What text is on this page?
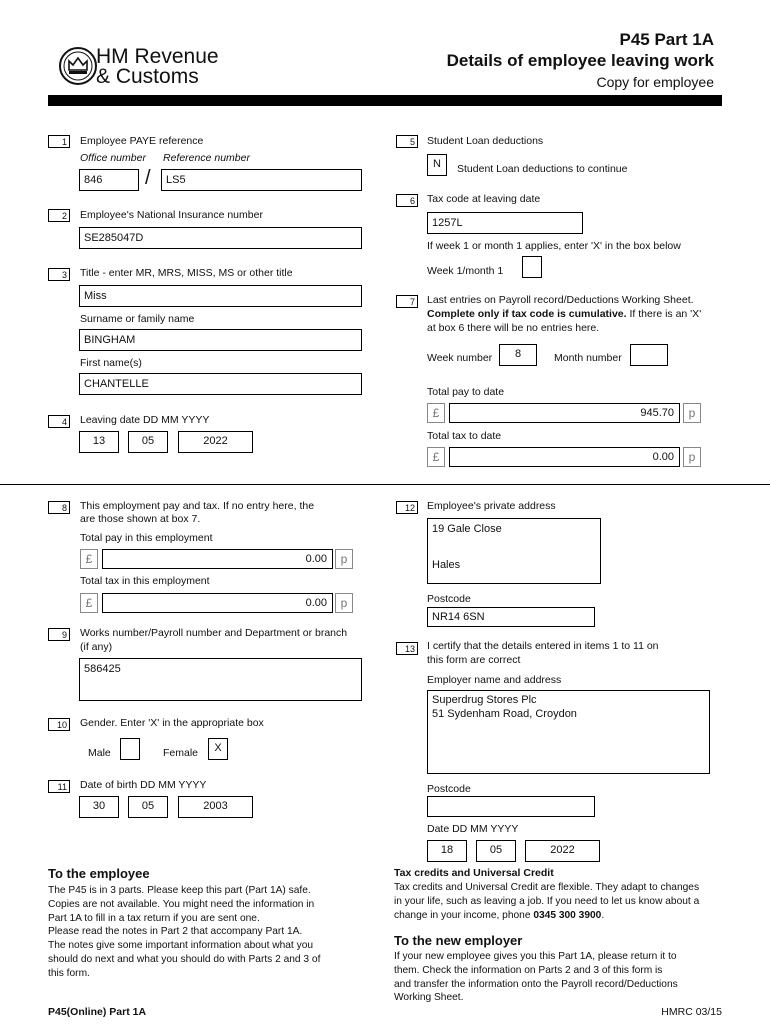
HM Revenue
& Customs
P45 Part 1A
Details of employee leaving work
Copy for employee
1 Employee PAYE reference
Office number Reference number
846	/	LS5
2 Employee's National Insurance number
SE285047D
3 Title - enter MR, MRS, MISS, MS or other title
Miss
Surname or family name
BINGHAM
First name(s)
CHANTELLE
4 Leaving date DD MM YYYY
13	05	2022
5 Student Loan deductions
N	Student Loan deductions to continue
6 Tax code at leaving date
1257L
If week 1 or month 1 applies, enter 'X' in the box below
Week 1/month 1
7 Last entries on Payroll record/Deductions Working Sheet.
Complete only if tax code is cumulative. If there is an 'X'
at box 6 there will be no entries here.
Week number	8	Month number
Total pay to date
£	945.70	p
Total tax to date
£	0.00	p
8 This employment pay and tax. If no entry here, the
are those shown at box 7.
Total pay in this employment
£	0.00	p
Total tax in this employment
£	0.00	p
9 Works number/Payroll number and Department or branch
(if any)
586425
10 Gender. Enter 'X' in the appropriate box
Male	Female	X
11 Date of birth DD MM YYYY
30	05	2003
12 Employee's private address
19 Gale Close
Hales
Postcode
NR14 6SN
13 I certify that the details entered in items 1 to 11 on
this form are correct
Employer name and address
Superdrug Stores Plc
51 Sydenham Road, Croydon
Postcode
Date DD MM YYYY
18	05	2022
To the employee
The P45 is in 3 parts. Please keep this part (Part 1A) safe.
Copies are not available. You might need the information in
Part 1A to fill in a tax return if you are sent one.
Please read the notes in Part 2 that accompany Part 1A.
The notes give some important information about what you
should do next and what you should do with Parts 2 and 3 of
this form.
Tax credits and Universal Credit
Tax credits and Universal Credit are flexible. They adapt to changes
in your life, such as leaving a job. If you need to let us know about a
change in your income, phone 0345 300 3900.
To the new employer
If your new employee gives you this Part 1A, please return it to
them. Check the information on Parts 2 and 3 of this form is
and transfer the information onto the Payroll record/Deductions
Working Sheet.
P45(Online) Part 1A	HMRC 03/15
